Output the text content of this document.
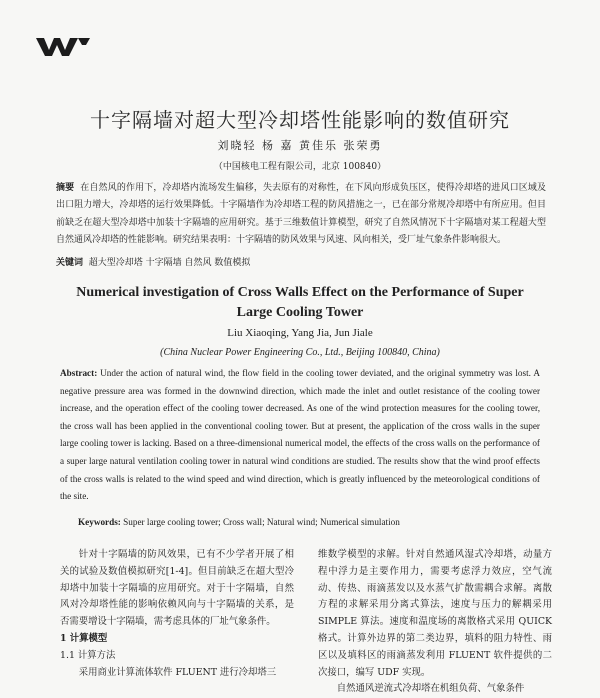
十字隔墙对超大型冷却塔性能影响的数值研究
刘晓轻 杨 嘉 黄佳乐 张荣勇
（中国核电工程有限公司，北京 100840）
摘要 在自然风的作用下，冷却塔内流场发生偏移，失去原有的对称性，在下风向形成负压区，使得冷却塔的进风口区域及出口阻力增大，冷却塔的运行效果降低。十字隔墙作为冷却塔工程的防风措施之一，已在部分常规冷却塔中有所应用。但目前缺乏在超大型冷却塔中加装十字隔墙的应用研究。基于三维数值计算模型，研究了自然风情况下十字隔墙对某工程超大型自然通风冷却塔的性能影响。研究结果表明：十字隔墙的防风效果与风速、风向相关，受厂址气象条件影响很大。
关键词 超大型冷却塔 十字隔墙 自然风 数值模拟
Numerical investigation of Cross Walls Effect on the Performance of Super Large Cooling Tower
Liu Xiaoqing, Yang Jia, Jun Jiale
(China Nuclear Power Engineering Co., Ltd., Beijing 100840, China)
Abstract: Under the action of natural wind, the flow field in the cooling tower deviated, and the original symmetry was lost. A negative pressure area was formed in the downwind direction, which made the inlet and outlet resistance of the cooling tower increase, and the operation effect of the cooling tower decreased. As one of the wind protection measures for the cooling tower, the cross wall has been applied in the conventional cooling tower. But at present, the application of the cross walls in the super large cooling tower is lacking. Based on a three-dimensional numerical model, the effects of the cross walls on the performance of a super large natural ventilation cooling tower in natural wind conditions are studied. The results show that the wind proof effects of the cross walls is related to the wind speed and wind direction, which is greatly influenced by the meteorological conditions of the site.
Keywords: Super large cooling tower; Cross wall; Natural wind; Numerical simulation

针对十字隔墙的防风效果，已有不少学者开展了相关的试验及数值模拟研究[1-4]。但目前缺乏在超大型冷却塔中加装十字隔墙的应用研究。对于十字隔墙，自然风对冷却塔性能的影响依赖风向与十字隔墙的关系，是否需要增设十字隔墙，需考虑具体的厂址气象条件。

1 计算模型
1.1 计算方法

采用商业计算流体软件 FLUENT 进行冷却塔三

维数学模型的求解。针对自然通风湿式冷却塔，动量方程中浮力是主要作用力，需要考虑浮力效应，空气流动、传热、雨滴蒸发以及水蒸气扩散需耦合求解。离散方程的求解采用分离式算法，速度与压力的解耦采用 SIMPLE 算法。速度和温度场的离散格式采用 QUICK 格式。计算外边界的第二类边界，填料的阻力特性、雨区以及填料区的雨滴蒸发利用 FLUENT 软件提供的二次接口，编写 UDF 实现。

自然通风逆流式冷却塔在机组负荷、气象条件
